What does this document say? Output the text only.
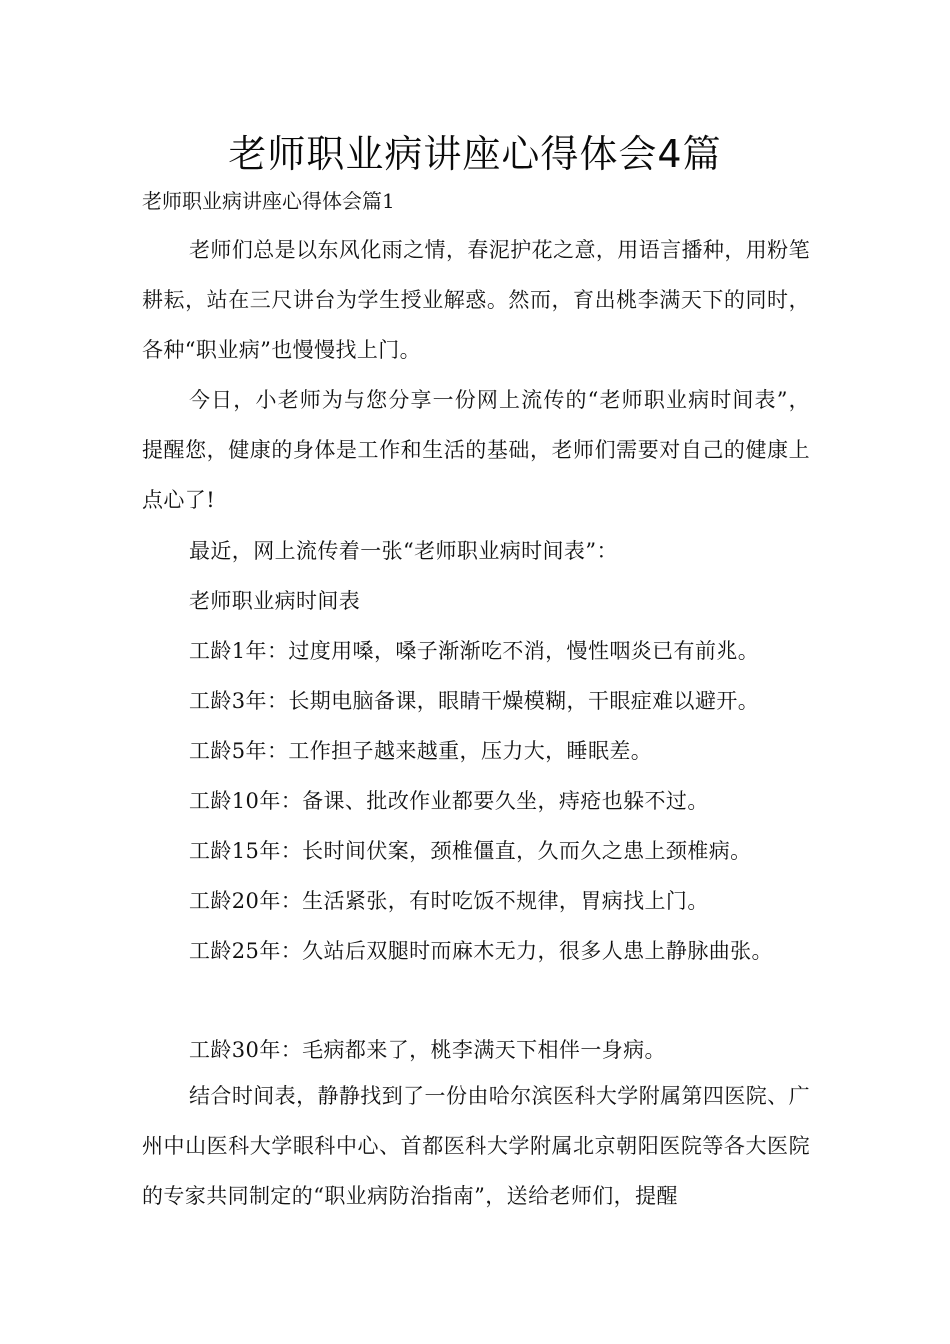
老师职业病讲座心得体会4篇
老师职业病讲座心得体会篇1
老师们总是以东风化雨之情，春泥护花之意，用语言播种，用粉笔耕耘，站在三尺讲台为学生授业解惑。然而，育出桃李满天下的同时，各种“职业病”也慢慢找上门。
今日，小老师为与您分享一份网上流传的“老师职业病时间表”，提醒您，健康的身体是工作和生活的基础，老师们需要对自己的健康上点心了!
最近，网上流传着一张“老师职业病时间表”：
老师职业病时间表
工龄1年：过度用嗓，嗓子渐渐吃不消，慢性咽炎已有前兆。
工龄3年：长期电脑备课，眼睛干燥模糊，干眼症难以避开。
工龄5年：工作担子越来越重，压力大，睡眠差。
工龄10年：备课、批改作业都要久坐，痔疮也躲不过。
工龄15年：长时间伏案，颈椎僵直，久而久之患上颈椎病。
工龄20年：生活紧张，有时吃饭不规律，胃病找上门。
工龄25年：久站后双腿时而麻木无力，很多人患上静脉曲张。
工龄30年：毛病都来了，桃李满天下相伴一身病。
结合时间表，静静找到了一份由哈尔滨医科大学附属第四医院、广州中山医科大学眼科中心、首都医科大学附属北京朝阳医院等各大医院的专家共同制定的“职业病防治指南”，送给老师们，提醒
